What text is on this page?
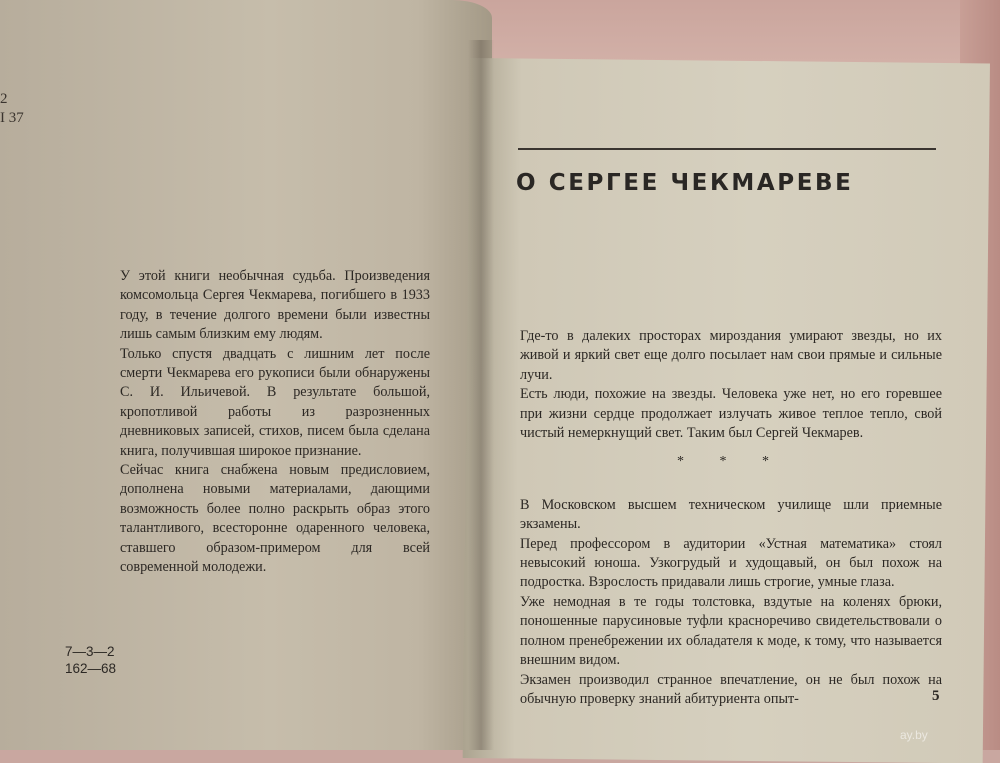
2
I 37

У этой книги необычная судьба. Произведения комсомольца Сергея Чекмарева, погибшего в 1933 году, в течение долгого времени были известны лишь самым близким ему людям.

Только спустя двадцать с лишним лет после смерти Чекмарева его рукописи были обнаружены С. И. Ильичевой. В результате большой, кропотливой работы из разрозненных дневниковых записей, стихов, писем была сделана книга, получившая широкое признание.

Сейчас книга снабжена новым предисловием, дополнена новыми материалами, дающими возможность более полно раскрыть образ этого талантливого, всесторонне одаренного человека, ставшего образом-примером для всей современной молодежи.

7—3—2
162—68
О СЕРГЕЕ ЧЕКМАРЕВЕ

Где-то в далеких просторах мироздания умирают звезды, но их живой и яркий свет еще долго посылает нам свои прямые и сильные лучи.

Есть люди, похожие на звезды. Человека уже нет, но его горевшее при жизни сердце продолжает излучать живое теплое тепло, свой чистый немеркнущий свет. Таким был Сергей Чекмарев.

* * *

В Московском высшем техническом училище шли приемные экзамены.

Перед профессором в аудитории «Устная математика» стоял невысокий юноша. Узкогрудый и худощавый, он был похож на подростка. Взрослость придавали лишь строгие, умные глаза.

Уже немодная в те годы толстовка, вздутые на коленях брюки, поношенные парусиновые туфли красноречиво свидетельствовали о полном пренебрежении их обладателя к моде, к тому, что называется внешним видом.

Экзамен производил странное впечатление, он не был похож на обычную проверку знаний абитуриента опыт-	5
ay.by
